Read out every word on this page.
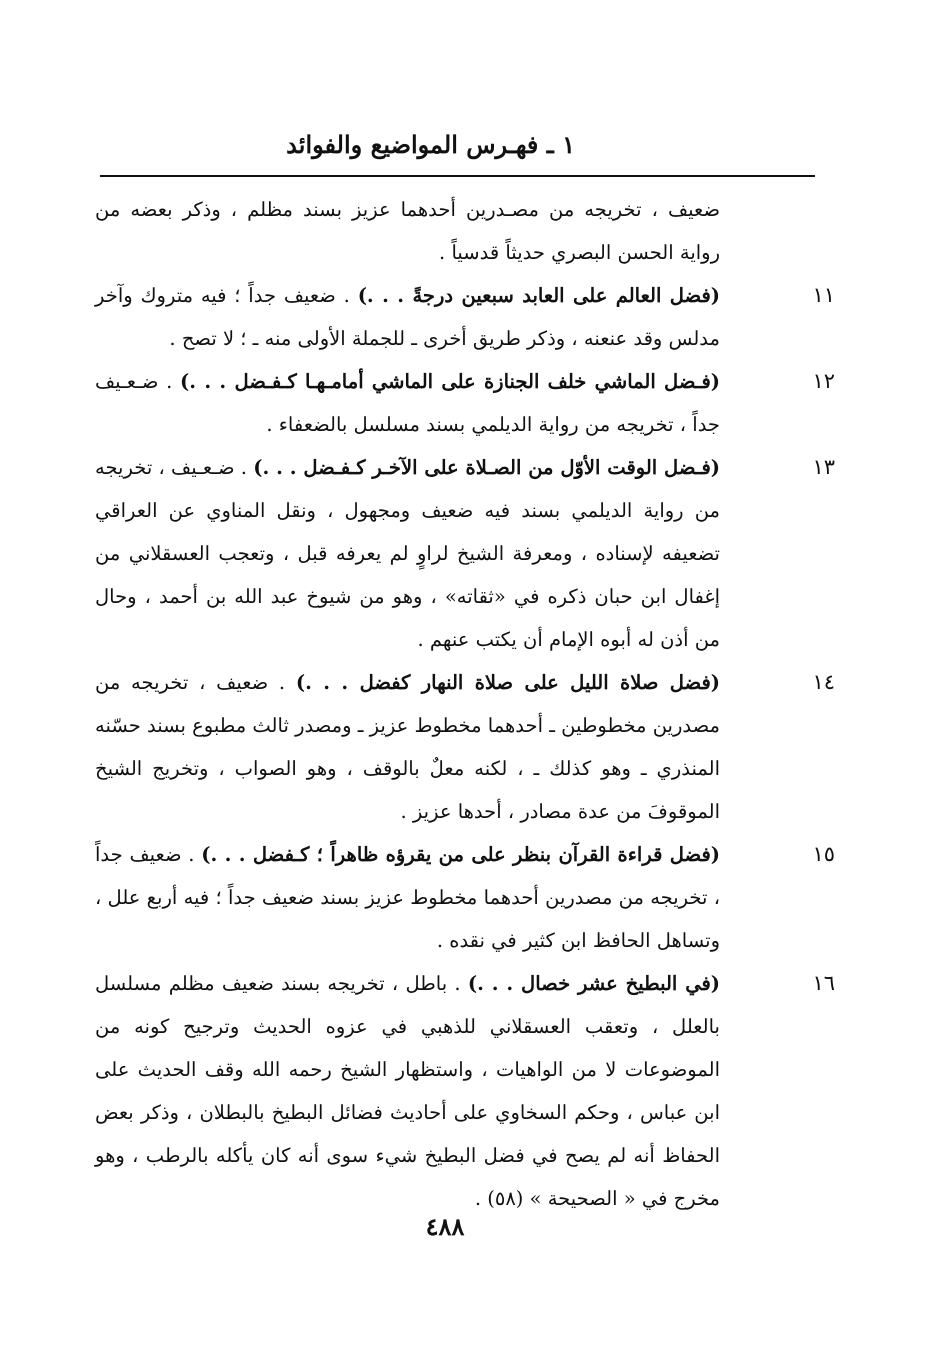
١ ـ فهـرس المواضيع والفوائد

ضعيف ، تخريجه من مصـدرين أحدهما عزيز بسند مظلم ، وذكر بعضه من رواية الحسن البصري حديثاً قدسياً .

١١

(فضل العالم على العابد سبعين درجةً . . .) . ضعيف جداً ؛ فيه متروك وآخر مدلس وقد عنعنه ، وذكر طريق أخرى ـ للجملة الأولى منه ـ ؛ لا تصح .

١٢

(فـضل الماشي خلف الجنازة على الماشي أمامـهـا كـفـضل . . .) . ضـعـيف جداً ، تخريجه من رواية الديلمي بسند مسلسل بالضعفاء .

١٣

(فـضل الوقت الأوّل من الصـلاة على الآخـر كـفـضل . . .) . ضـعـيف ، تخريجه من رواية الديلمي بسند فيه ضعيف ومجهول ، ونقل المناوي عن العراقي تضعيفه لإسناده ، ومعرفة الشيخ لراوٍ لم يعرفه قبل ، وتعجب العسقلاني من إغفال ابن حبان ذكره في «ثقاته» ، وهو من شيوخ عبد الله بن أحمد ، وحال من أذن له أبوه الإمام أن يكتب عنهم .

١٤

(فضل صلاة الليل على صلاة النهار كفضل . . .) . ضعيف ، تخريجه من مصدرين مخطوطين ـ أحدهما مخطوط عزيز ـ ومصدر ثالث مطبوع بسند حسّنه المنذري ـ وهو كذلك ـ ، لكنه معلٌ بالوقف ، وهو الصواب ، وتخريج الشيخ الموقوفَ من عدة مصادر ، أحدها عزيز .

١٥

(فضل قراءة القرآن بنظر على من يقرؤه ظاهراً ؛ كـفضل . . .) . ضعيف جداً ، تخريجه من مصدرين أحدهما مخطوط عزيز بسند ضعيف جداً ؛ فيه أربع علل ، وتساهل الحافظ ابن كثير في نقده .

١٦

(في البطيخ عشر خصال . . .) . باطل ، تخريجه بسند ضعيف مظلم مسلسل بالعلل ، وتعقب العسقلاني للذهبي في عزوه الحديث وترجيح كونه من الموضوعات لا من الواهيات ، واستظهار الشيخ رحمه الله وقف الحديث على ابن عباس ، وحكم السخاوي على أحاديث فضائل البطيخ بالبطلان ، وذكر بعض الحفاظ أنه لم يصح في فضل البطيخ شيء سوى أنه كان يأكله بالرطب ، وهو مخرج في « الصحيحة » (٥٨) .

٤٨٨
